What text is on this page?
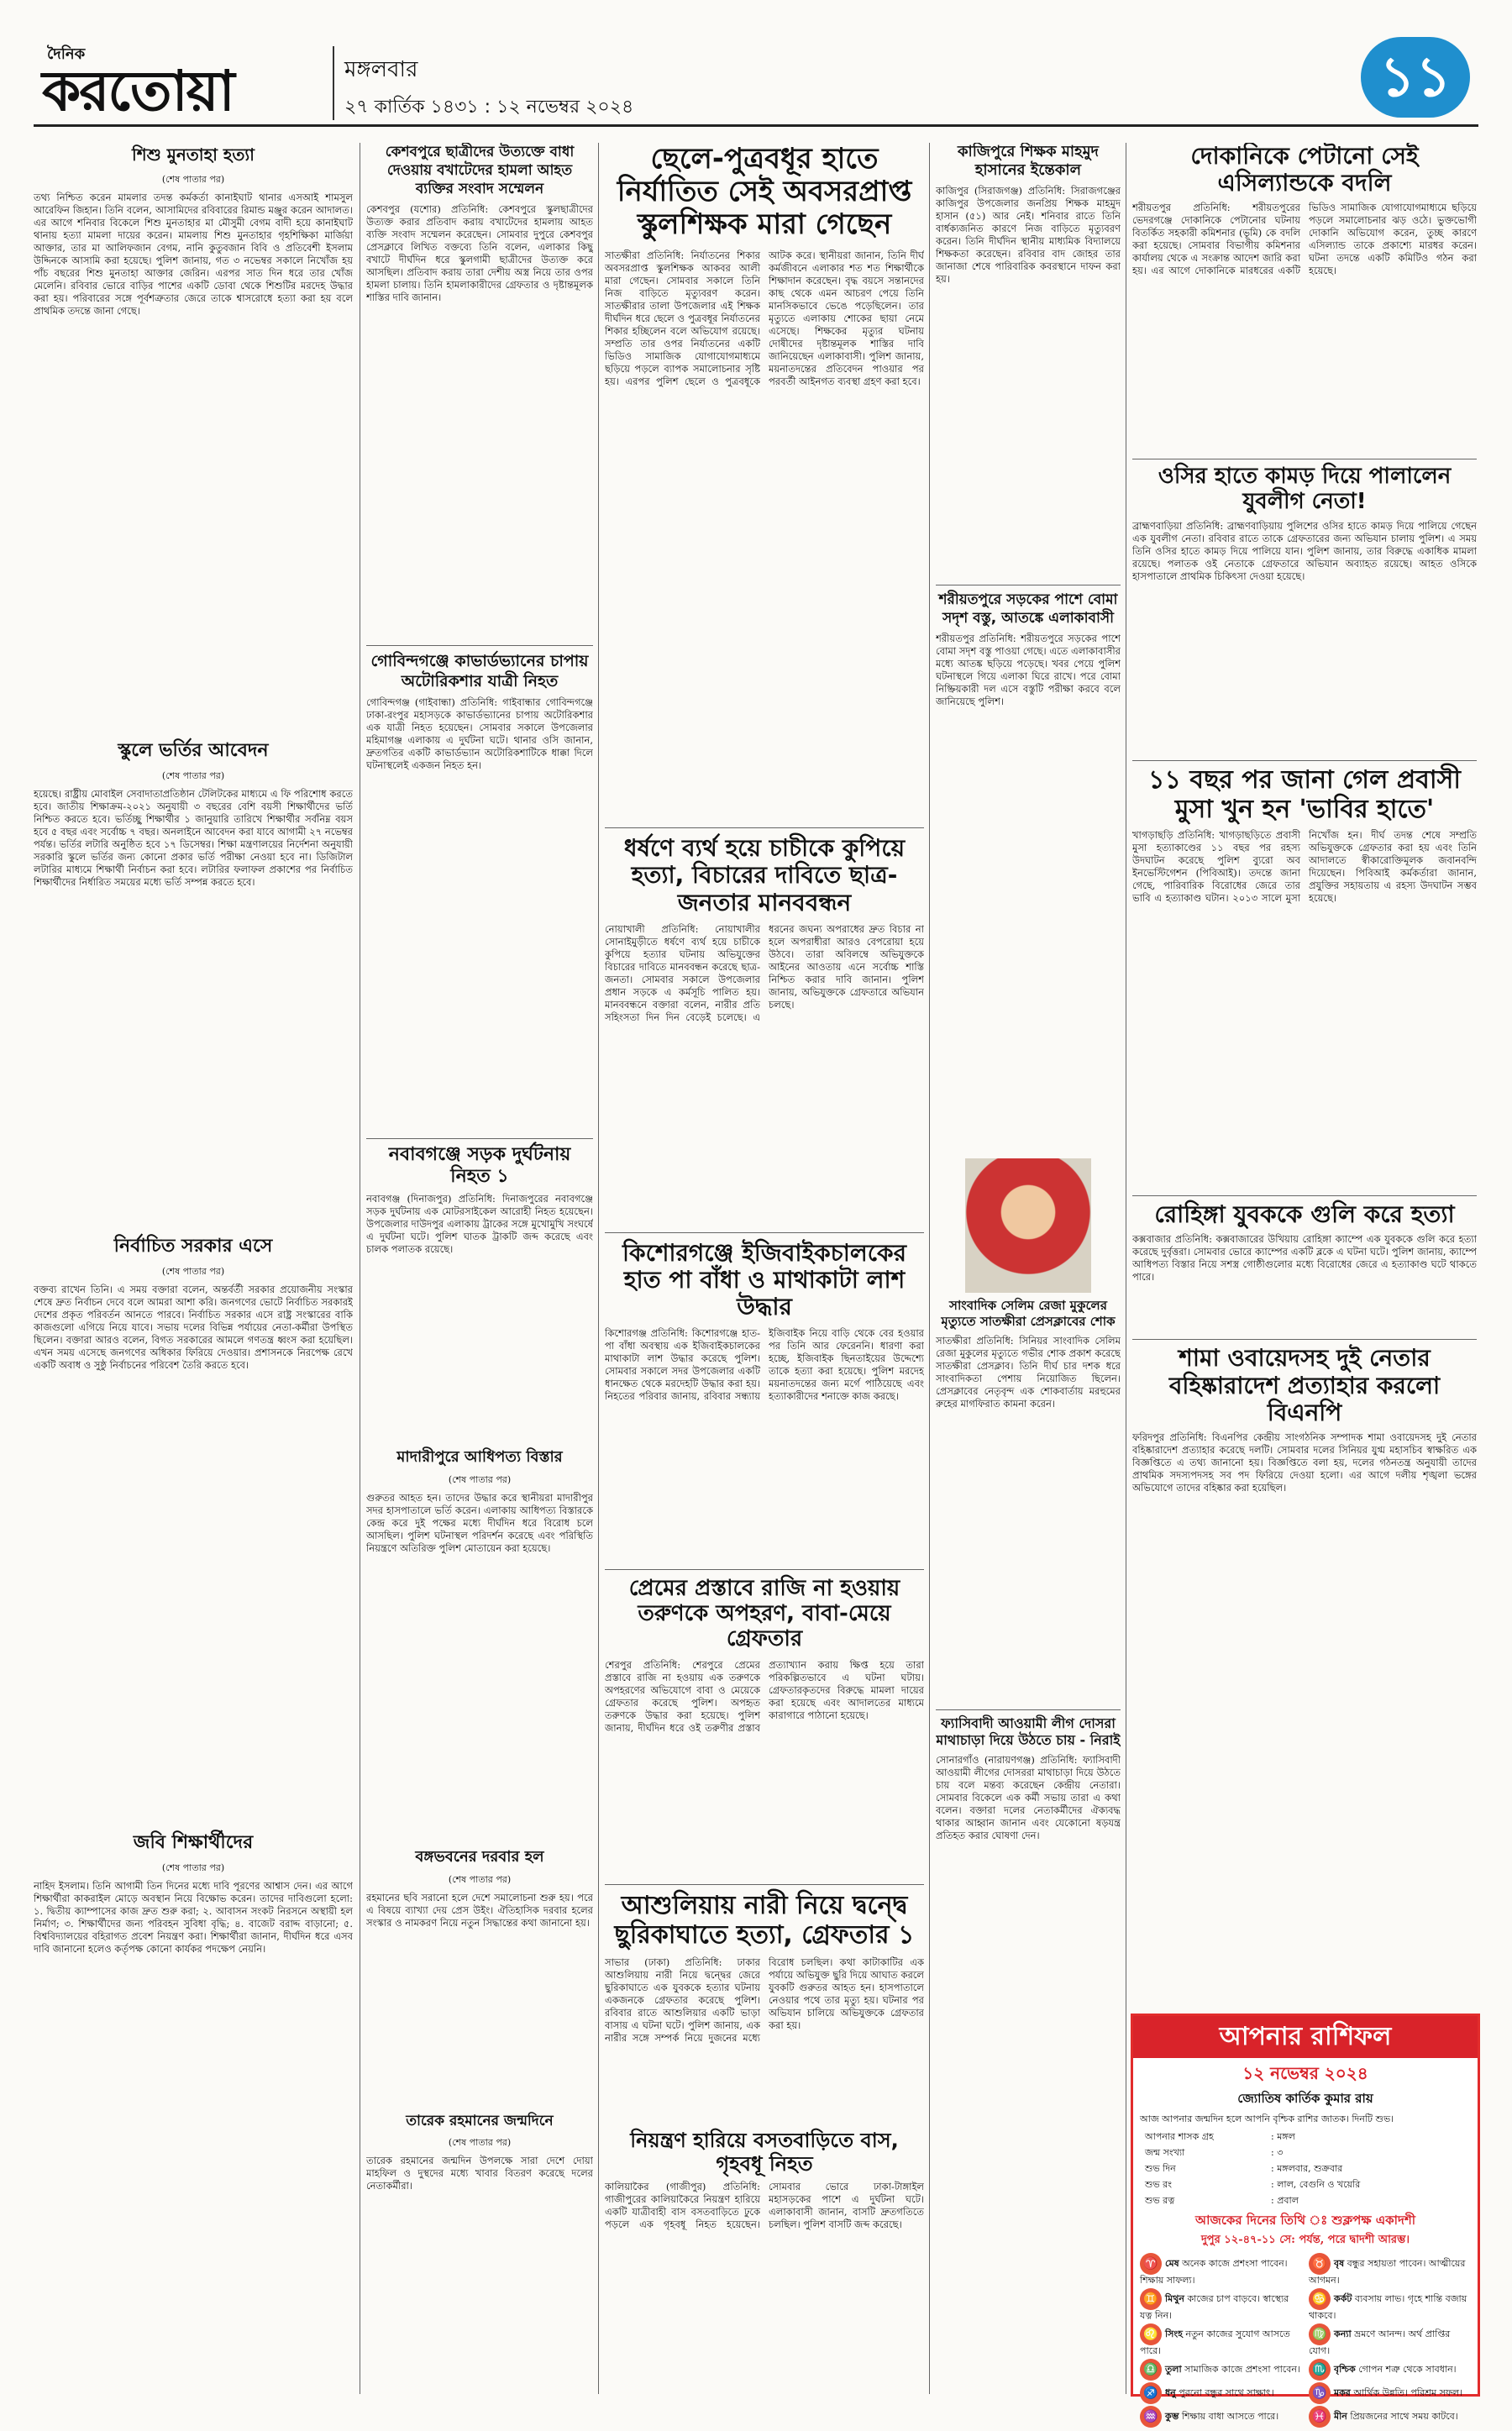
দৈনিক
করতোয়া	মঙ্গলবার
২৭ কার্তিক ১৪৩১ : ১২ নভেম্বর ২০২৪	১১
শিশু মুনতাহা হত্যা
(শেষ পাতার পর)
তথ্য নিশ্চিত করেন মামলার তদন্ত কর্মকর্তা কানাইঘাট থানার এসআই শামসুল আরেফিন জিহান। তিনি বলেন, আসামিদের রবিবারের রিমান্ড মঞ্জুর করেন আদালত। এর আগে শনিবার বিকেলে শিশু মুনতাহার মা মৌসুমী বেগম বাদী হয়ে কানাইঘাট থানায় হত্যা মামলা দায়ের করেন। মামলায় শিশু মুনতাহার গৃহশিক্ষিকা মার্জিয়া আক্তার, তার মা আলিফজান বেগম, নানি কুতুবজান বিবি ও প্রতিবেশী ইসলাম উদ্দিনকে আসামি করা হয়েছে। পুলিশ জানায়, গত ৩ নভেম্বর সকালে নিখোঁজ হয় পাঁচ বছরের শিশু মুনতাহা আক্তার জেরিন। এরপর সাত দিন ধরে তার খোঁজ মেলেনি। রবিবার ভোরে বাড়ির পাশের একটি ডোবা থেকে শিশুটির মরদেহ উদ্ধার করা হয়। পরিবারের সঙ্গে পূর্বশত্রুতার জেরে তাকে শ্বাসরোধে হত্যা করা হয় বলে প্রাথমিক তদন্তে জানা গেছে।
স্কুলে ভর্তির আবেদন
(শেষ পাতার পর)
হয়েছে। রাষ্ট্রীয় মোবাইল সেবাদাতাপ্রতিষ্ঠান টেলিটকের মাধ্যমে এ ফি পরিশোধ করতে হবে। জাতীয় শিক্ষাক্রম-২০২১ অনুযায়ী ৩ বছরের বেশি বয়সী শিক্ষার্থীদের ভর্তি নিশ্চিত করতে হবে। ভর্তিচ্ছু শিক্ষার্থীর ১ জানুয়ারি তারিখে শিক্ষার্থীর সর্বনিম্ন বয়স হবে ৫ বছর এবং সর্বোচ্চ ৭ বছর। অনলাইনে আবেদন করা যাবে আগামী ২৭ নভেম্বর পর্যন্ত। ভর্তির লটারি অনুষ্ঠিত হবে ১৭ ডিসেম্বর। শিক্ষা মন্ত্রণালয়ের নির্দেশনা অনুযায়ী সরকারি স্কুলে ভর্তির জন্য কোনো প্রকার ভর্তি পরীক্ষা নেওয়া হবে না। ডিজিটাল লটারির মাধ্যমে শিক্ষার্থী নির্বাচন করা হবে। লটারির ফলাফল প্রকাশের পর নির্বাচিত শিক্ষার্থীদের নির্ধারিত সময়ের মধ্যে ভর্তি সম্পন্ন করতে হবে।
নির্বাচিত সরকার এসে
(শেষ পাতার পর)
বক্তব্য রাখেন তিনি। এ সময় বক্তারা বলেন, অন্তর্বর্তী সরকার প্রয়োজনীয় সংস্কার শেষে দ্রুত নির্বাচন দেবে বলে আমরা আশা করি। জনগণের ভোটে নির্বাচিত সরকারই দেশের প্রকৃত পরিবর্তন আনতে পারবে। নির্বাচিত সরকার এসে রাষ্ট্র সংস্কারের বাকি কাজগুলো এগিয়ে নিয়ে যাবে। সভায় দলের বিভিন্ন পর্যায়ের নেতা-কর্মীরা উপস্থিত ছিলেন। বক্তারা আরও বলেন, বিগত সরকারের আমলে গণতন্ত্র ধ্বংস করা হয়েছিল। এখন সময় এসেছে জনগণের অধিকার ফিরিয়ে দেওয়ার। প্রশাসনকে নিরপেক্ষ রেখে একটি অবাধ ও সুষ্ঠু নির্বাচনের পরিবেশ তৈরি করতে হবে।
জবি শিক্ষার্থীদের
(শেষ পাতার পর)
নাহিদ ইসলাম। তিনি আগামী তিন দিনের মধ্যে দাবি পূরণের আশ্বাস দেন। এর আগে শিক্ষার্থীরা কাকরাইল মোড়ে অবস্থান নিয়ে বিক্ষোভ করেন। তাদের দাবিগুলো হলো: ১. দ্বিতীয় ক্যাম্পাসের কাজ দ্রুত শুরু করা; ২. আবাসন সংকট নিরসনে অস্থায়ী হল নির্মাণ; ৩. শিক্ষার্থীদের জন্য পরিবহন সুবিধা বৃদ্ধি; ৪. বাজেট বরাদ্দ বাড়ানো; ৫. বিশ্ববিদ্যালয়ের বহিরাগত প্রবেশ নিয়ন্ত্রণ করা। শিক্ষার্থীরা জানান, দীর্ঘদিন ধরে এসব দাবি জানানো হলেও কর্তৃপক্ষ কোনো কার্যকর পদক্ষেপ নেয়নি।
কেশবপুরে ছাত্রীদের উত্যক্তে বাধা দেওয়ায় বখাটেদের হামলা আহত ব্যক্তির সংবাদ সম্মেলন
কেশবপুর (যশোর) প্রতিনিধি: কেশবপুরে স্কুলছাত্রীদের উত্যক্ত করার প্রতিবাদ করায় বখাটেদের হামলায় আহত ব্যক্তি সংবাদ সম্মেলন করেছেন। সোমবার দুপুরে কেশবপুর প্রেসক্লাবে লিখিত বক্তব্যে তিনি বলেন, এলাকার কিছু বখাটে দীর্ঘদিন ধরে স্কুলগামী ছাত্রীদের উত্যক্ত করে আসছিল। প্রতিবাদ করায় তারা দেশীয় অস্ত্র নিয়ে তার ওপর হামলা চালায়। তিনি হামলাকারীদের গ্রেফতার ও দৃষ্টান্তমূলক শাস্তির দাবি জানান।
গোবিন্দগঞ্জে কাভার্ডভ্যানের চাপায় অটোরিকশার যাত্রী নিহত
গোবিন্দগঞ্জ (গাইবান্ধা) প্রতিনিধি: গাইবান্ধার গোবিন্দগঞ্জে ঢাকা-রংপুর মহাসড়কে কাভার্ডভ্যানের চাপায় অটোরিকশার এক যাত্রী নিহত হয়েছেন। সোমবার সকালে উপজেলার মহিমাগঞ্জ এলাকায় এ দুর্ঘটনা ঘটে। থানার ওসি জানান, দ্রুতগতির একটি কাভার্ডভ্যান অটোরিকশাটিকে ধাক্কা দিলে ঘটনাস্থলেই একজন নিহত হন।
নবাবগঞ্জে সড়ক দুর্ঘটনায় নিহত ১
নবাবগঞ্জ (দিনাজপুর) প্রতিনিধি: দিনাজপুরের নবাবগঞ্জে সড়ক দুর্ঘটনায় এক মোটরসাইকেল আরোহী নিহত হয়েছেন। উপজেলার দাউদপুর এলাকায় ট্রাকের সঙ্গে মুখোমুখি সংঘর্ষে এ দুর্ঘটনা ঘটে। পুলিশ ঘাতক ট্রাকটি জব্দ করেছে এবং চালক পলাতক রয়েছে।
মাদারীপুরে আধিপত্য বিস্তার
(শেষ পাতার পর)
গুরুতর আহত হন। তাদের উদ্ধার করে স্থানীয়রা মাদারীপুর সদর হাসপাতালে ভর্তি করেন। এলাকায় আধিপত্য বিস্তারকে কেন্দ্র করে দুই পক্ষের মধ্যে দীর্ঘদিন ধরে বিরোধ চলে আসছিল। পুলিশ ঘটনাস্থল পরিদর্শন করেছে এবং পরিস্থিতি নিয়ন্ত্রণে অতিরিক্ত পুলিশ মোতায়েন করা হয়েছে।
বঙ্গভবনের দরবার হল
(শেষ পাতার পর)
রহমানের ছবি সরানো হলে দেশে সমালোচনা শুরু হয়। পরে এ বিষয়ে ব্যাখ্যা দেয় প্রেস উইং। ঐতিহাসিক দরবার হলের সংস্কার ও নামকরণ নিয়ে নতুন সিদ্ধান্তের কথা জানানো হয়।
তারেক রহমানের জন্মদিনে
(শেষ পাতার পর)
তারেক রহমানের জন্মদিন উপলক্ষে সারা দেশে দোয়া মাহফিল ও দুস্থদের মধ্যে খাবার বিতরণ করেছে দলের নেতাকর্মীরা।
ছেলে-পুত্রবধূর হাতে নির্যাতিত সেই অবসরপ্রাপ্ত স্কুলশিক্ষক মারা গেছেন
সাতক্ষীরা প্রতিনিধি: নির্যাতনের শিকার অবসরপ্রাপ্ত স্কুলশিক্ষক আকবর আলী মারা গেছেন। সোমবার সকালে তিনি নিজ বাড়িতে মৃত্যুবরণ করেন। সাতক্ষীরার তালা উপজেলার এই শিক্ষক দীর্ঘদিন ধরে ছেলে ও পুত্রবধূর নির্যাতনের শিকার হচ্ছিলেন বলে অভিযোগ রয়েছে। সম্প্রতি তার ওপর নির্যাতনের একটি ভিডিও সামাজিক যোগাযোগমাধ্যমে ছড়িয়ে পড়লে ব্যাপক সমালোচনার সৃষ্টি হয়। এরপর পুলিশ ছেলে ও পুত্রবধূকে আটক করে। স্থানীয়রা জানান, তিনি দীর্ঘ কর্মজীবনে এলাকার শত শত শিক্ষার্থীকে শিক্ষাদান করেছেন। বৃদ্ধ বয়সে সন্তানদের কাছ থেকে এমন আচরণ পেয়ে তিনি মানসিকভাবে ভেঙে পড়েছিলেন। তার মৃত্যুতে এলাকায় শোকের ছায়া নেমে এসেছে। শিক্ষকের মৃত্যুর ঘটনায় দোষীদের দৃষ্টান্তমূলক শাস্তির দাবি জানিয়েছেন এলাকাবাসী। পুলিশ জানায়, ময়নাতদন্তের প্রতিবেদন পাওয়ার পর পরবর্তী আইনগত ব্যবস্থা গ্রহণ করা হবে।
ধর্ষণে ব্যর্থ হয়ে চাচীকে কুপিয়ে হত্যা, বিচারের দাবিতে ছাত্র-জনতার মানববন্ধন
নোয়াখালী প্রতিনিধি: নোয়াখালীর সোনাইমুড়ীতে ধর্ষণে ব্যর্থ হয়ে চাচীকে কুপিয়ে হত্যার ঘটনায় অভিযুক্তের বিচারের দাবিতে মানববন্ধন করেছে ছাত্র-জনতা। সোমবার সকালে উপজেলার প্রধান সড়কে এ কর্মসূচি পালিত হয়। মানববন্ধনে বক্তারা বলেন, নারীর প্রতি সহিংসতা দিন দিন বেড়েই চলেছে। এ ধরনের জঘন্য অপরাধের দ্রুত বিচার না হলে অপরাধীরা আরও বেপরোয়া হয়ে উঠবে। তারা অবিলম্বে অভিযুক্তকে আইনের আওতায় এনে সর্বোচ্চ শাস্তি নিশ্চিত করার দাবি জানান। পুলিশ জানায়, অভিযুক্তকে গ্রেফতারে অভিযান চলছে।
কিশোরগঞ্জে ইজিবাইকচালকের হাত পা বাঁধা ও মাথাকাটা লাশ উদ্ধার
কিশোরগঞ্জ প্রতিনিধি: কিশোরগঞ্জে হাত-পা বাঁধা অবস্থায় এক ইজিবাইকচালকের মাথাকাটা লাশ উদ্ধার করেছে পুলিশ। সোমবার সকালে সদর উপজেলার একটি ধানক্ষেত থেকে মরদেহটি উদ্ধার করা হয়। নিহতের পরিবার জানায়, রবিবার সন্ধ্যায় ইজিবাইক নিয়ে বাড়ি থেকে বের হওয়ার পর তিনি আর ফেরেননি। ধারণা করা হচ্ছে, ইজিবাইক ছিনতাইয়ের উদ্দেশ্যে তাকে হত্যা করা হয়েছে। পুলিশ মরদেহ ময়নাতদন্তের জন্য মর্গে পাঠিয়েছে এবং হত্যাকারীদের শনাক্তে কাজ করছে।
প্রেমের প্রস্তাবে রাজি না হওয়ায় তরুণকে অপহরণ, বাবা-মেয়ে গ্রেফতার
শেরপুর প্রতিনিধি: শেরপুরে প্রেমের প্রস্তাবে রাজি না হওয়ায় এক তরুণকে অপহরণের অভিযোগে বাবা ও মেয়েকে গ্রেফতার করেছে পুলিশ। অপহৃত তরুণকে উদ্ধার করা হয়েছে। পুলিশ জানায়, দীর্ঘদিন ধরে ওই তরুণীর প্রস্তাব প্রত্যাখ্যান করায় ক্ষিপ্ত হয়ে তারা পরিকল্পিতভাবে এ ঘটনা ঘটায়। গ্রেফতারকৃতদের বিরুদ্ধে মামলা দায়ের করা হয়েছে এবং আদালতের মাধ্যমে কারাগারে পাঠানো হয়েছে।
আশুলিয়ায় নারী নিয়ে দ্বন্দ্বে ছুরিকাঘাতে হত্যা, গ্রেফতার ১
সাভার (ঢাকা) প্রতিনিধি: ঢাকার আশুলিয়ায় নারী নিয়ে দ্বন্দ্বের জেরে ছুরিকাঘাতে এক যুবককে হত্যার ঘটনায় একজনকে গ্রেফতার করেছে পুলিশ। রবিবার রাতে আশুলিয়ার একটি ভাড়া বাসায় এ ঘটনা ঘটে। পুলিশ জানায়, এক নারীর সঙ্গে সম্পর্ক নিয়ে দুজনের মধ্যে বিরোধ চলছিল। কথা কাটাকাটির এক পর্যায়ে অভিযুক্ত ছুরি দিয়ে আঘাত করলে যুবকটি গুরুতর আহত হন। হাসপাতালে নেওয়ার পথে তার মৃত্যু হয়। ঘটনার পর অভিযান চালিয়ে অভিযুক্তকে গ্রেফতার করা হয়।
নিয়ন্ত্রণ হারিয়ে বসতবাড়িতে বাস, গৃহবধূ নিহত
কালিয়াকৈর (গাজীপুর) প্রতিনিধি: গাজীপুরের কালিয়াকৈরে নিয়ন্ত্রণ হারিয়ে একটি যাত্রীবাহী বাস বসতবাড়িতে ঢুকে পড়লে এক গৃহবধূ নিহত হয়েছেন। সোমবার ভোরে ঢাকা-টাঙ্গাইল মহাসড়কের পাশে এ দুর্ঘটনা ঘটে। এলাকাবাসী জানান, বাসটি দ্রুতগতিতে চলছিল। পুলিশ বাসটি জব্দ করেছে।
কাজিপুরে শিক্ষক মাহমুদ হাসানের ইন্তেকাল
কাজিপুর (সিরাজগঞ্জ) প্রতিনিধি: সিরাজগঞ্জের কাজিপুর উপজেলার জনপ্রিয় শিক্ষক মাহমুদ হাসান (৫১) আর নেই। শনিবার রাতে তিনি বার্ধক্যজনিত কারণে নিজ বাড়িতে মৃত্যুবরণ করেন। তিনি দীর্ঘদিন স্থানীয় মাধ্যমিক বিদ্যালয়ে শিক্ষকতা করেছেন। রবিবার বাদ জোহর তার জানাজা শেষে পারিবারিক কবরস্থানে দাফন করা হয়।
শরীয়তপুরে সড়কের পাশে বোমা সদৃশ বস্তু, আতঙ্কে এলাকাবাসী
শরীয়তপুর প্রতিনিধি: শরীয়তপুরে সড়কের পাশে বোমা সদৃশ বস্তু পাওয়া গেছে। এতে এলাকাবাসীর মধ্যে আতঙ্ক ছড়িয়ে পড়েছে। খবর পেয়ে পুলিশ ঘটনাস্থলে গিয়ে এলাকা ঘিরে রাখে। পরে বোমা নিষ্ক্রিয়কারী দল এসে বস্তুটি পরীক্ষা করবে বলে জানিয়েছে পুলিশ।
সাংবাদিক সেলিম রেজা মুকুলের মৃত্যুতে সাতক্ষীরা প্রেসক্লাবের শোক
সাতক্ষীরা প্রতিনিধি: সিনিয়র সাংবাদিক সেলিম রেজা মুকুলের মৃত্যুতে গভীর শোক প্রকাশ করেছে সাতক্ষীরা প্রেসক্লাব। তিনি দীর্ঘ চার দশক ধরে সাংবাদিকতা পেশায় নিয়োজিত ছিলেন। প্রেসক্লাবের নেতৃবৃন্দ এক শোকবার্তায় মরহুমের রুহের মাগফিরাত কামনা করেন।
ফ্যাসিবাদী আওয়ামী লীগ দোসরা মাথাচাড়া দিয়ে উঠতে চায় - নিরাই
সোনারগাঁও (নারায়ণগঞ্জ) প্রতিনিধি: ফ্যাসিবাদী আওয়ামী লীগের দোসররা মাথাচাড়া দিয়ে উঠতে চায় বলে মন্তব্য করেছেন কেন্দ্রীয় নেতারা। সোমবার বিকেলে এক কর্মী সভায় তারা এ কথা বলেন। বক্তারা দলের নেতাকর্মীদের ঐক্যবদ্ধ থাকার আহ্বান জানান এবং যেকোনো ষড়যন্ত্র প্রতিহত করার ঘোষণা দেন।
দোকানিকে পেটানো সেই এসিল্যান্ডকে বদলি
শরীয়তপুর প্রতিনিধি: শরীয়তপুরের ভেদরগঞ্জে দোকানিকে পেটানোর ঘটনায় বিতর্কিত সহকারী কমিশনার (ভূমি) কে বদলি করা হয়েছে। সোমবার বিভাগীয় কমিশনার কার্যালয় থেকে এ সংক্রান্ত আদেশ জারি করা হয়। এর আগে দোকানিকে মারধরের একটি ভিডিও সামাজিক যোগাযোগমাধ্যমে ছড়িয়ে পড়লে সমালোচনার ঝড় ওঠে। ভুক্তভোগী দোকানি অভিযোগ করেন, তুচ্ছ কারণে এসিল্যান্ড তাকে প্রকাশ্যে মারধর করেন। ঘটনা তদন্তে একটি কমিটিও গঠন করা হয়েছে।
ওসির হাতে কামড় দিয়ে পালালেন যুবলীগ নেতা!
ব্রাহ্মণবাড়িয়া প্রতিনিধি: ব্রাহ্মণবাড়িয়ায় পুলিশের ওসির হাতে কামড় দিয়ে পালিয়ে গেছেন এক যুবলীগ নেতা। রবিবার রাতে তাকে গ্রেফতারের জন্য অভিযান চালায় পুলিশ। এ সময় তিনি ওসির হাতে কামড় দিয়ে পালিয়ে যান। পুলিশ জানায়, তার বিরুদ্ধে একাধিক মামলা রয়েছে। পলাতক ওই নেতাকে গ্রেফতারে অভিযান অব্যাহত রয়েছে। আহত ওসিকে হাসপাতালে প্রাথমিক চিকিৎসা দেওয়া হয়েছে।
১১ বছর পর জানা গেল প্রবাসী মুসা খুন হন 'ভাবির হাতে'
খাগড়াছড়ি প্রতিনিধি: খাগড়াছড়িতে প্রবাসী মুসা হত্যাকাণ্ডের ১১ বছর পর রহস্য উদঘাটন করেছে পুলিশ ব্যুরো অব ইনভেস্টিগেশন (পিবিআই)। তদন্তে জানা গেছে, পারিবারিক বিরোধের জেরে তার ভাবি এ হত্যাকাণ্ড ঘটান। ২০১৩ সালে মুসা নিখোঁজ হন। দীর্ঘ তদন্ত শেষে সম্প্রতি অভিযুক্তকে গ্রেফতার করা হয় এবং তিনি আদালতে স্বীকারোক্তিমূলক জবানবন্দি দিয়েছেন। পিবিআই কর্মকর্তারা জানান, প্রযুক্তির সহায়তায় এ রহস্য উদঘাটন সম্ভব হয়েছে।
রোহিঙ্গা যুবককে গুলি করে হত্যা
কক্সবাজার প্রতিনিধি: কক্সবাজারের উখিয়ায় রোহিঙ্গা ক্যাম্পে এক যুবককে গুলি করে হত্যা করেছে দুর্বৃত্তরা। সোমবার ভোরে ক্যাম্পের একটি ব্লকে এ ঘটনা ঘটে। পুলিশ জানায়, ক্যাম্পে আধিপত্য বিস্তার নিয়ে সশস্ত্র গোষ্ঠীগুলোর মধ্যে বিরোধের জেরে এ হত্যাকাণ্ড ঘটে থাকতে পারে।
শামা ওবায়েদসহ দুই নেতার বহিষ্কারাদেশ প্রত্যাহার করলো বিএনপি
ফরিদপুর প্রতিনিধি: বিএনপির কেন্দ্রীয় সাংগঠনিক সম্পাদক শামা ওবায়েদসহ দুই নেতার বহিষ্কারাদেশ প্রত্যাহার করেছে দলটি। সোমবার দলের সিনিয়র যুগ্ম মহাসচিব স্বাক্ষরিত এক বিজ্ঞপ্তিতে এ তথ্য জানানো হয়। বিজ্ঞপ্তিতে বলা হয়, দলের গঠনতন্ত্র অনুযায়ী তাদের প্রাথমিক সদস্যপদসহ সব পদ ফিরিয়ে দেওয়া হলো। এর আগে দলীয় শৃঙ্খলা ভঙ্গের অভিযোগে তাদের বহিষ্কার করা হয়েছিল।
আপনার রাশিফল
১২ নভেম্বর ২০২৪
জ্যোতিষ কার্তিক কুমার রায়
আজ আপনার জন্মদিন হলে আপনি বৃশ্চিক রাশির জাতক। দিনটি শুভ।
আপনার শাসক গ্রহ	: মঙ্গল
জন্ম সংখ্যা	: ৩
শুভ দিন	: মঙ্গলবার, শুক্রবার
শুভ রং	: লাল, বেগুনি ও খয়েরি
শুভ রত্ন	: প্রবাল
আজকের দিনের তিথি ঃ শুক্লপক্ষ একাদশী
দুপুর ১২-৪৭-১১ সে: পর্যন্ত, পরে দ্বাদশী আরম্ভ।
♈ মেষ অনেক কাজে প্রশংসা পাবেন। শিক্ষায় সাফল্য।
♉ বৃষ বন্ধুর সহায়তা পাবেন। আত্মীয়ের আগমন।
♊ মিথুন কাজের চাপ বাড়বে। স্বাস্থ্যের যত্ন নিন।
♋ কর্কট ব্যবসায় লাভ। গৃহে শান্তি বজায় থাকবে।
♌ সিংহ নতুন কাজের সুযোগ আসতে পারে।
♍ কন্যা ভ্রমণে আনন্দ। অর্থ প্রাপ্তির যোগ।
♎ তুলা সামাজিক কাজে প্রশংসা পাবেন।	♏ বৃশ্চিক গোপন শত্রু থেকে সাবধান।
♐ ধনু পুরনো বন্ধুর সাথে সাক্ষাৎ।	♑ মকর আর্থিক উন্নতি। পরিশ্রম সফল।
♒ কুম্ভ শিক্ষায় বাধা আসতে পারে।	♓ মীন প্রিয়জনের সাথে সময় কাটবে।
